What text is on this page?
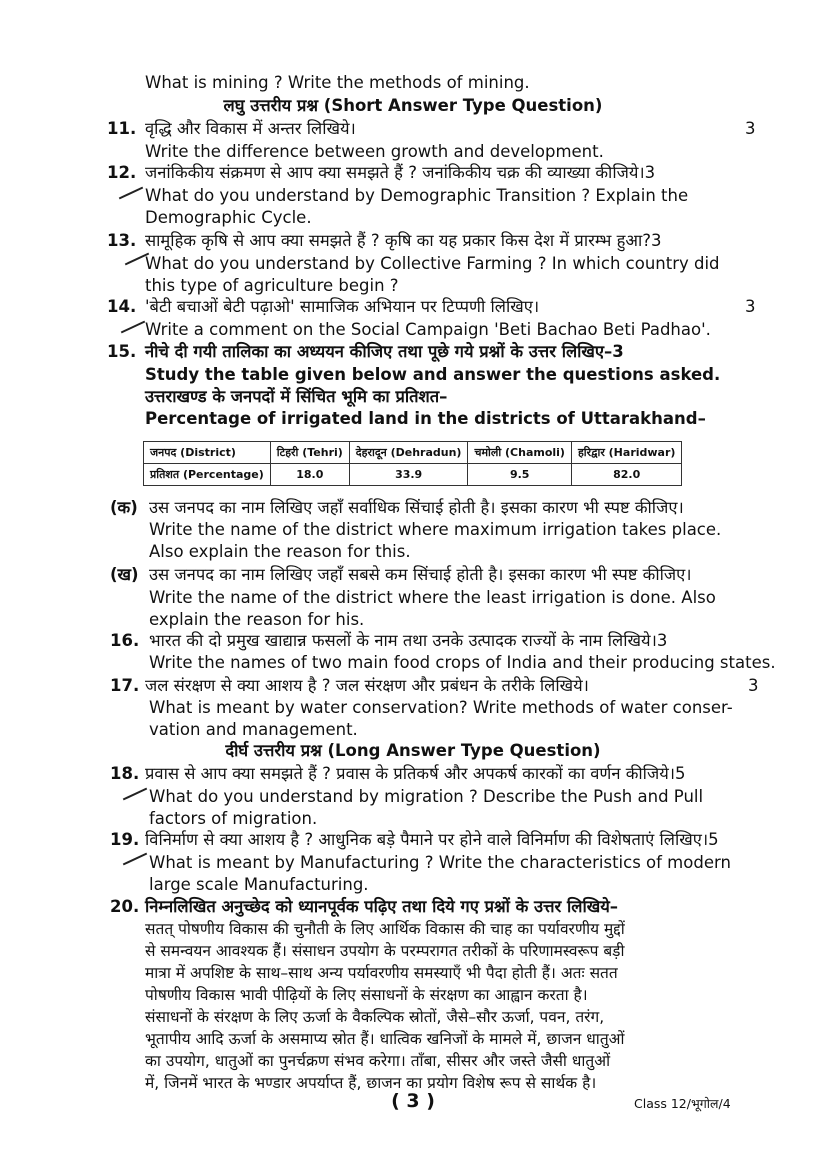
What is mining ? Write the methods of mining.
लघु उत्तरीय प्रश्न (Short Answer Type Question)
वृद्धि और विकास में अन्तर लिखिये।
Write the difference between growth and development.
जनांकिकीय संक्रमण से आप क्या समझते हैं ? जनांकिकीय चक्र की व्याख्या कीजिये।3
What do you understand by Demographic Transition ? Explain the
Demographic Cycle.
सामूहिक कृषि से आप क्या समझते हैं ? कृषि का यह प्रकार किस देश में प्रारम्भ हुआ?3
What do you understand by Collective Farming ? In which country did
this type of agriculture begin ?
'बेटी बचाओं बेटी पढ़ाओ' सामाजिक अभियान पर टिप्पणी लिखिए।
Write a comment on the Social Campaign 'Beti Bachao Beti Padhao'.
नीचे दी गयी तालिका का अध्ययन कीजिए तथा पूछे गये प्रश्नों के उत्तर लिखिए–3
Study the table given below and answer the questions asked.
उत्तराखण्ड के जनपदों में सिंचित भूमि का प्रतिशत–
Percentage of irrigated land in the districts of Uttarakhand–
उस जनपद का नाम लिखिए जहाँ सर्वाधिक सिंचाई होती है। इसका कारण भी स्पष्ट कीजिए।
Write the name of the district where maximum irrigation takes place.
Also explain the reason for this.
उस जनपद का नाम लिखिए जहाँ सबसे कम सिंचाई होती है। इसका कारण भी स्पष्ट कीजिए।
Write the name of the district where the least irrigation is done. Also
explain the reason for his.
भारत की दो प्रमुख खाद्यान्न फसलों के नाम तथा उनके उत्पादक राज्यों के नाम लिखिये।3
Write the names of two main food crops of India and their producing states.
जल संरक्षण से क्या आशय है ? जल संरक्षण और प्रबंधन के तरीके लिखिये।
What is meant by water conservation? Write methods of water conser-
vation and management.
दीर्घ उत्तरीय प्रश्न (Long Answer Type Question)
प्रवास से आप क्या समझते हैं ? प्रवास के प्रतिकर्ष और अपकर्ष कारकों का वर्णन कीजिये।5
What do you understand by migration ? Describe the Push and Pull
factors of migration.
विनिर्माण से क्या आशय है ? आधुनिक बड़े पैमाने पर होने वाले विनिर्माण की विशेषताएं लिखिए।5
What is meant by Manufacturing ? Write the characteristics of modern
large scale Manufacturing.
निम्नलिखित अनुच्छेद को ध्यानपूर्वक पढ़िए तथा दिये गए प्रश्नों के उत्तर लिखिये–
सतत् पोषणीय विकास की चुनौती के लिए आर्थिक विकास की चाह का पर्यावरणीय मुद्दों
से समन्वयन आवश्यक हैं। संसाधन उपयोग के परम्परागत तरीकों के परिणामस्वरूप बड़ी
मात्रा में अपशिष्ट के साथ–साथ अन्य पर्यावरणीय समस्याएँ भी पैदा होती हैं। अतः सतत
पोषणीय विकास भावी पीढ़ियों के लिए संसाधनों के संरक्षण का आह्वान करता है।
संसाधनों के संरक्षण के लिए ऊर्जा के वैकल्पिक स्रोतों, जैसे–सौर ऊर्जा, पवन, तरंग,
भूतापीय आदि ऊर्जा के असमाप्य स्रोत हैं। धात्विक खनिजों के मामले में, छाजन धातुओं
का उपयोग, धातुओं का पुनर्चक्रण संभव करेगा। ताँबा, सीसर और जस्ते जैसी धातुओं
में, जिनमें भारत के भण्डार अपर्याप्त हैं, छाजन का प्रयोग विशेष रूप से सार्थक है।
11.
12.
13.
14.
15.
(क)
(ख)
16.
17.
18.
19.
20.
3
3
3
जनपद (District)	टिहरी (Tehri)	देहरादून (Dehradun)	चमोली (Chamoli)	हरिद्वार (Haridwar)
प्रतिशत (Percentage)	18.0	33.9	9.5	82.0
( 3 )	Class 12/भूगोल/4
